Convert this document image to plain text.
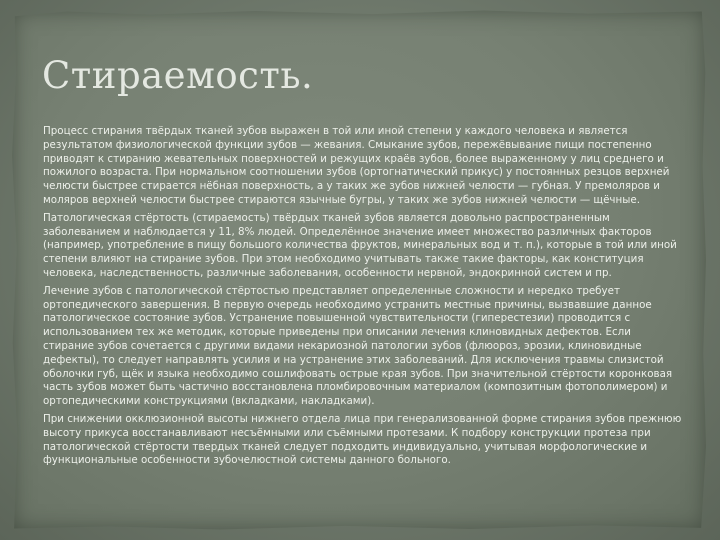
Стираемость.

Процесс стирания твёрдых тканей зубов выражен в той или иной степени у каждого человека и является результатом физиологической функции зубов — жевания. Смыкание зубов, пережёвывание пищи постепенно приводят к стиранию жевательных поверхностей и режущих краёв зубов, более выраженному у лиц среднего и пожилого возраста. При нормальном соотношении зубов (ортогнатический прикус) у постоянных резцов верхней челюсти быстрее стирается нёбная поверхность, а у таких же зубов нижней челюсти — губная. У премоляров и моляров верхней челюсти быстрее стираются язычные бугры, у таких же зубов нижней челюсти — щёчные.

Патологическая стёртость (стираемость) твёрдых тканей зубов является довольно распространенным заболеванием и наблюдается у 11, 8% людей. Определённое значение имеет множество различных факторов (например, употребление в пищу большого количества фруктов, минеральных вод и т. п.), которые в той или иной степени влияют на стирание зубов. При этом необходимо учитывать также такие факторы, как конституция человека, наследственность, различные заболевания, особенности нервной, эндокринной систем и пр.

Лечение зубов с патологической стёртостью представляет определенные сложности и нередко требует ортопедического завершения. В первую очередь необходимо устранить местные причины, вызвавшие данное патологическое состояние зубов. Устранение повышенной чувствительности (гиперестезии) проводится с использованием тех же методик, которые приведены при описании лечения клиновидных дефектов. Если стирание зубов сочетается с другими видами некариозной патологии зубов (флюороз, эрозии, клиновидные дефекты), то следует направлять усилия и на устранение этих заболеваний. Для исключения травмы слизистой оболочки губ, щёк и языка необходимо сошлифовать острые края зубов. При значительной стёртости коронковая часть зубов может быть частично восстановлена пломбировочным материалом (композитным фотополимером) и ортопедическими конструкциями (вкладками, накладками).

При снижении окклюзионной высоты нижнего отдела лица при генерализованной форме стирания зубов прежнюю высоту прикуса восстанавливают несъёмными или съёмными протезами. К подбору конструкции протеза при патологической стёртости твердых тканей следует подходить индивидуально, учитывая морфологические и функциональные особенности зубочелюстной системы данного больного.
